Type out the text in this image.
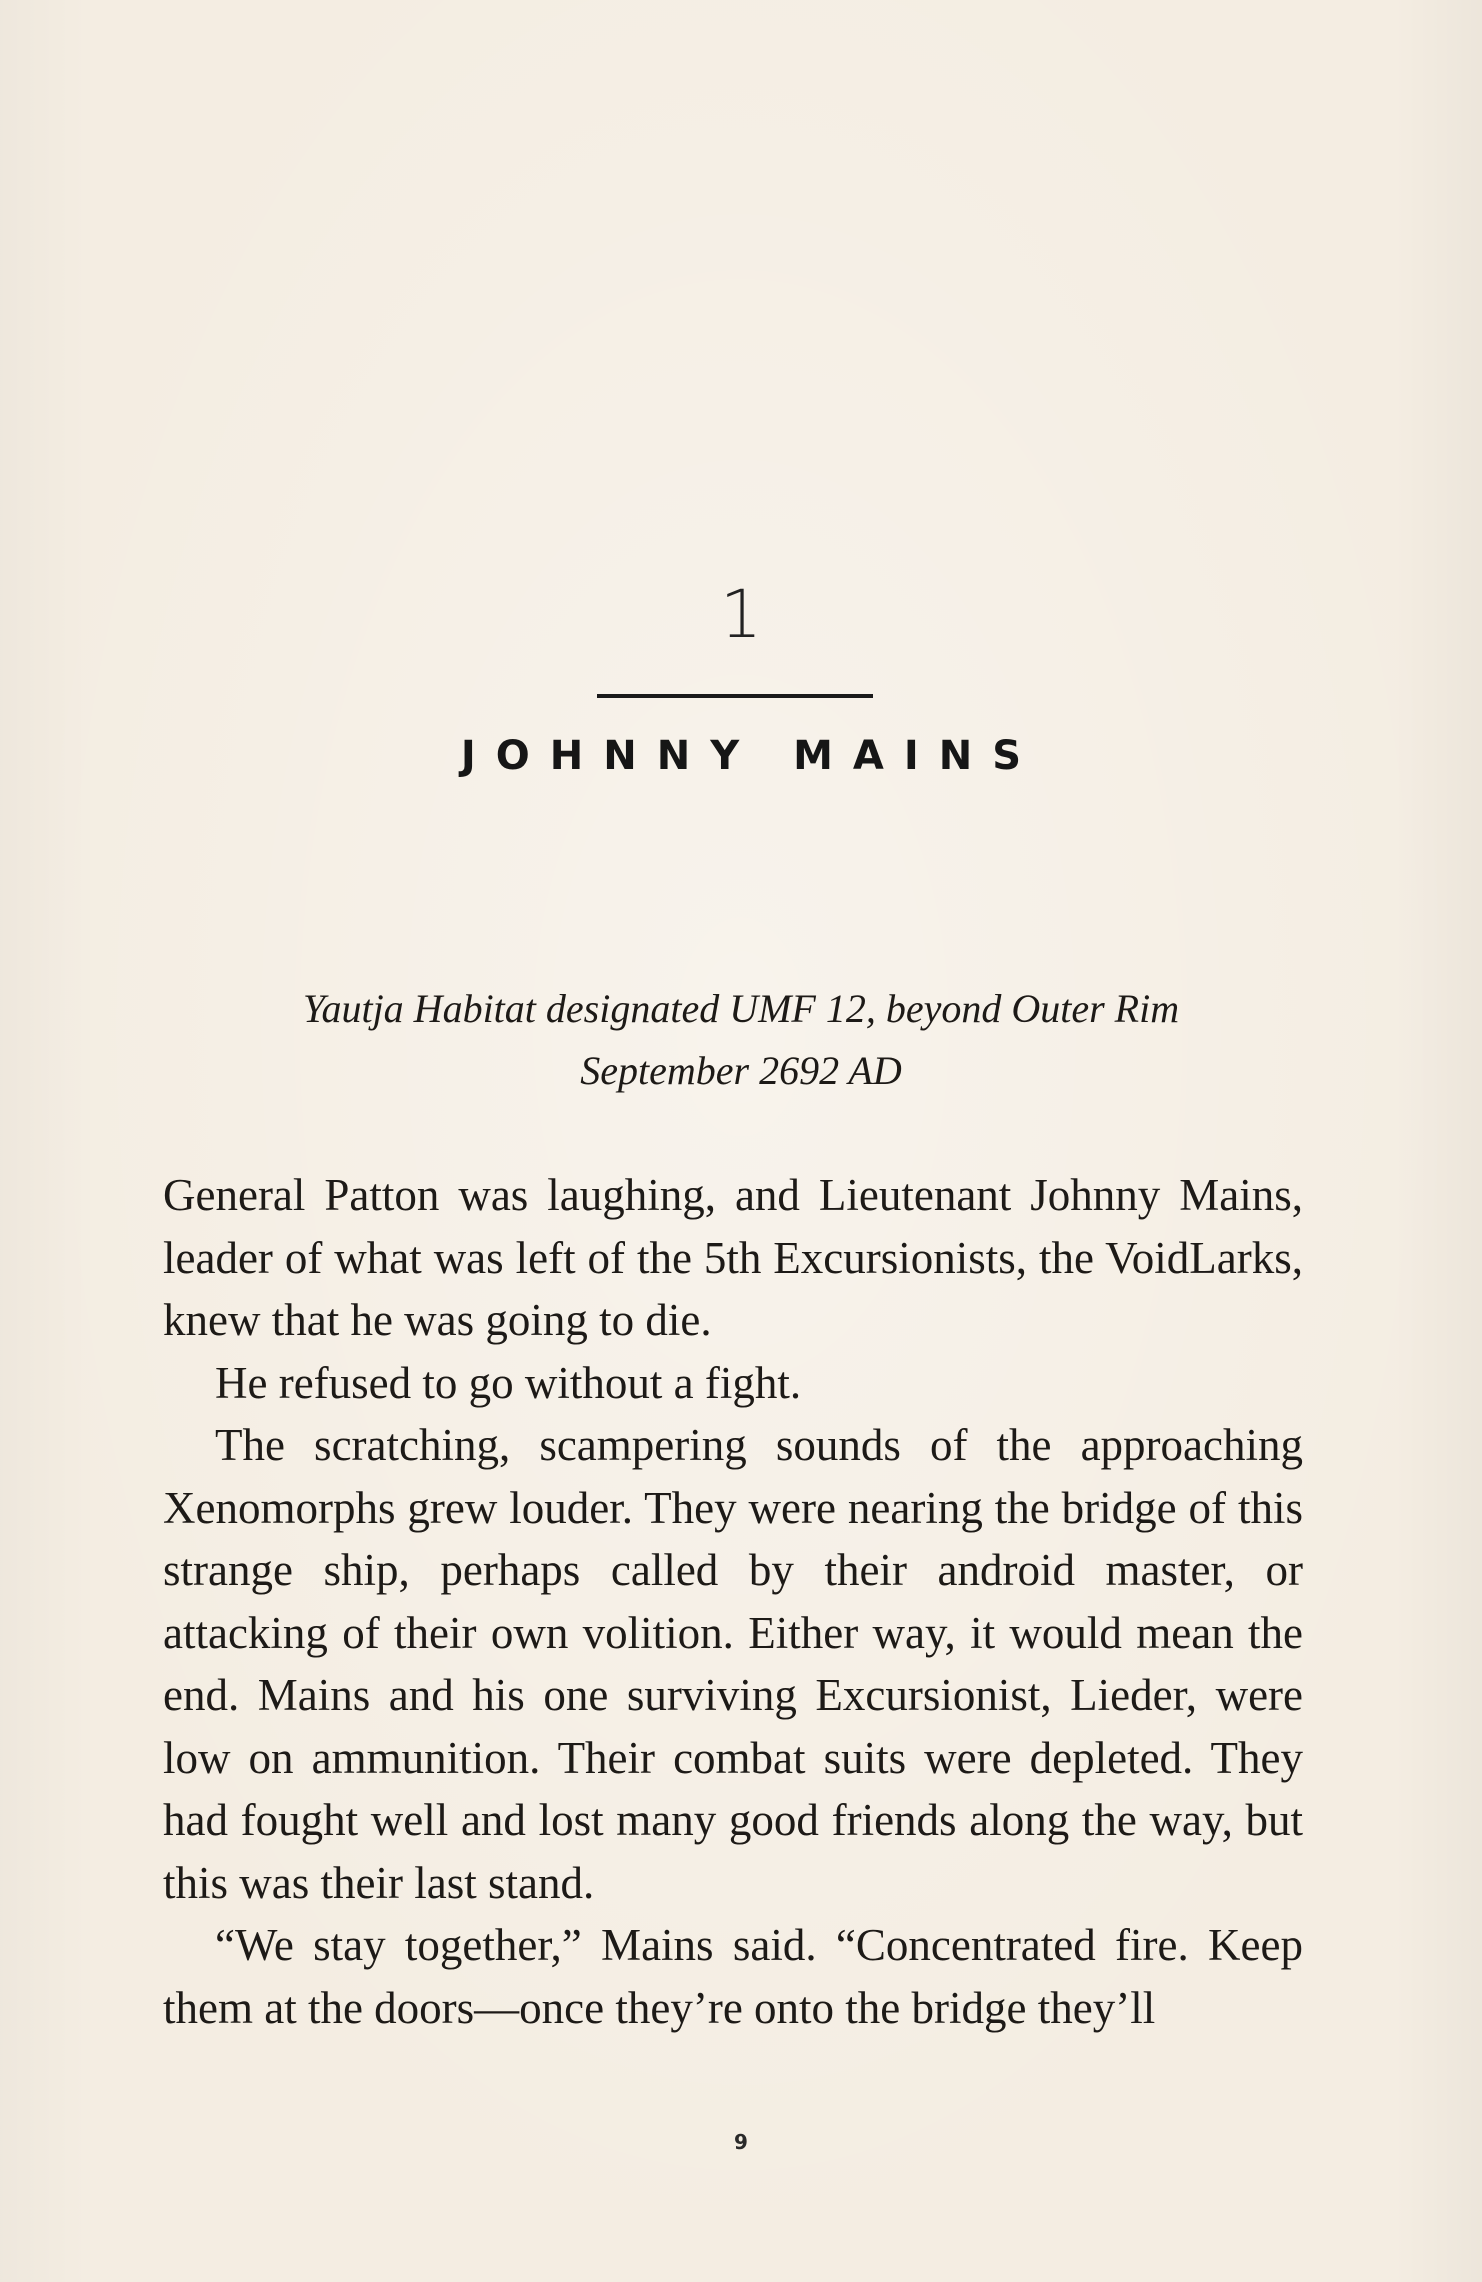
1
JOHNNY MAINS
Yautja Habitat designated UMF 12, beyond Outer Rim
September 2692 AD

General Patton was laughing, and Lieutenant Johnny Mains, leader of what was left of the 5th Excursionists, the VoidLarks, knew that he was going to die.

He refused to go without a fight.

The scratching, scampering sounds of the approaching Xenomorphs grew louder. They were nearing the bridge of this strange ship, perhaps called by their android master, or attacking of their own volition. Either way, it would mean the end. Mains and his one surviving Excursionist, Lieder, were low on ammunition. Their combat suits were depleted. They had fought well and lost many good friends along the way, but this was their last stand.

“We stay together,” Mains said. “Concentrated fire. Keep them at the doors—once they’re onto the bridge they’ll

9
